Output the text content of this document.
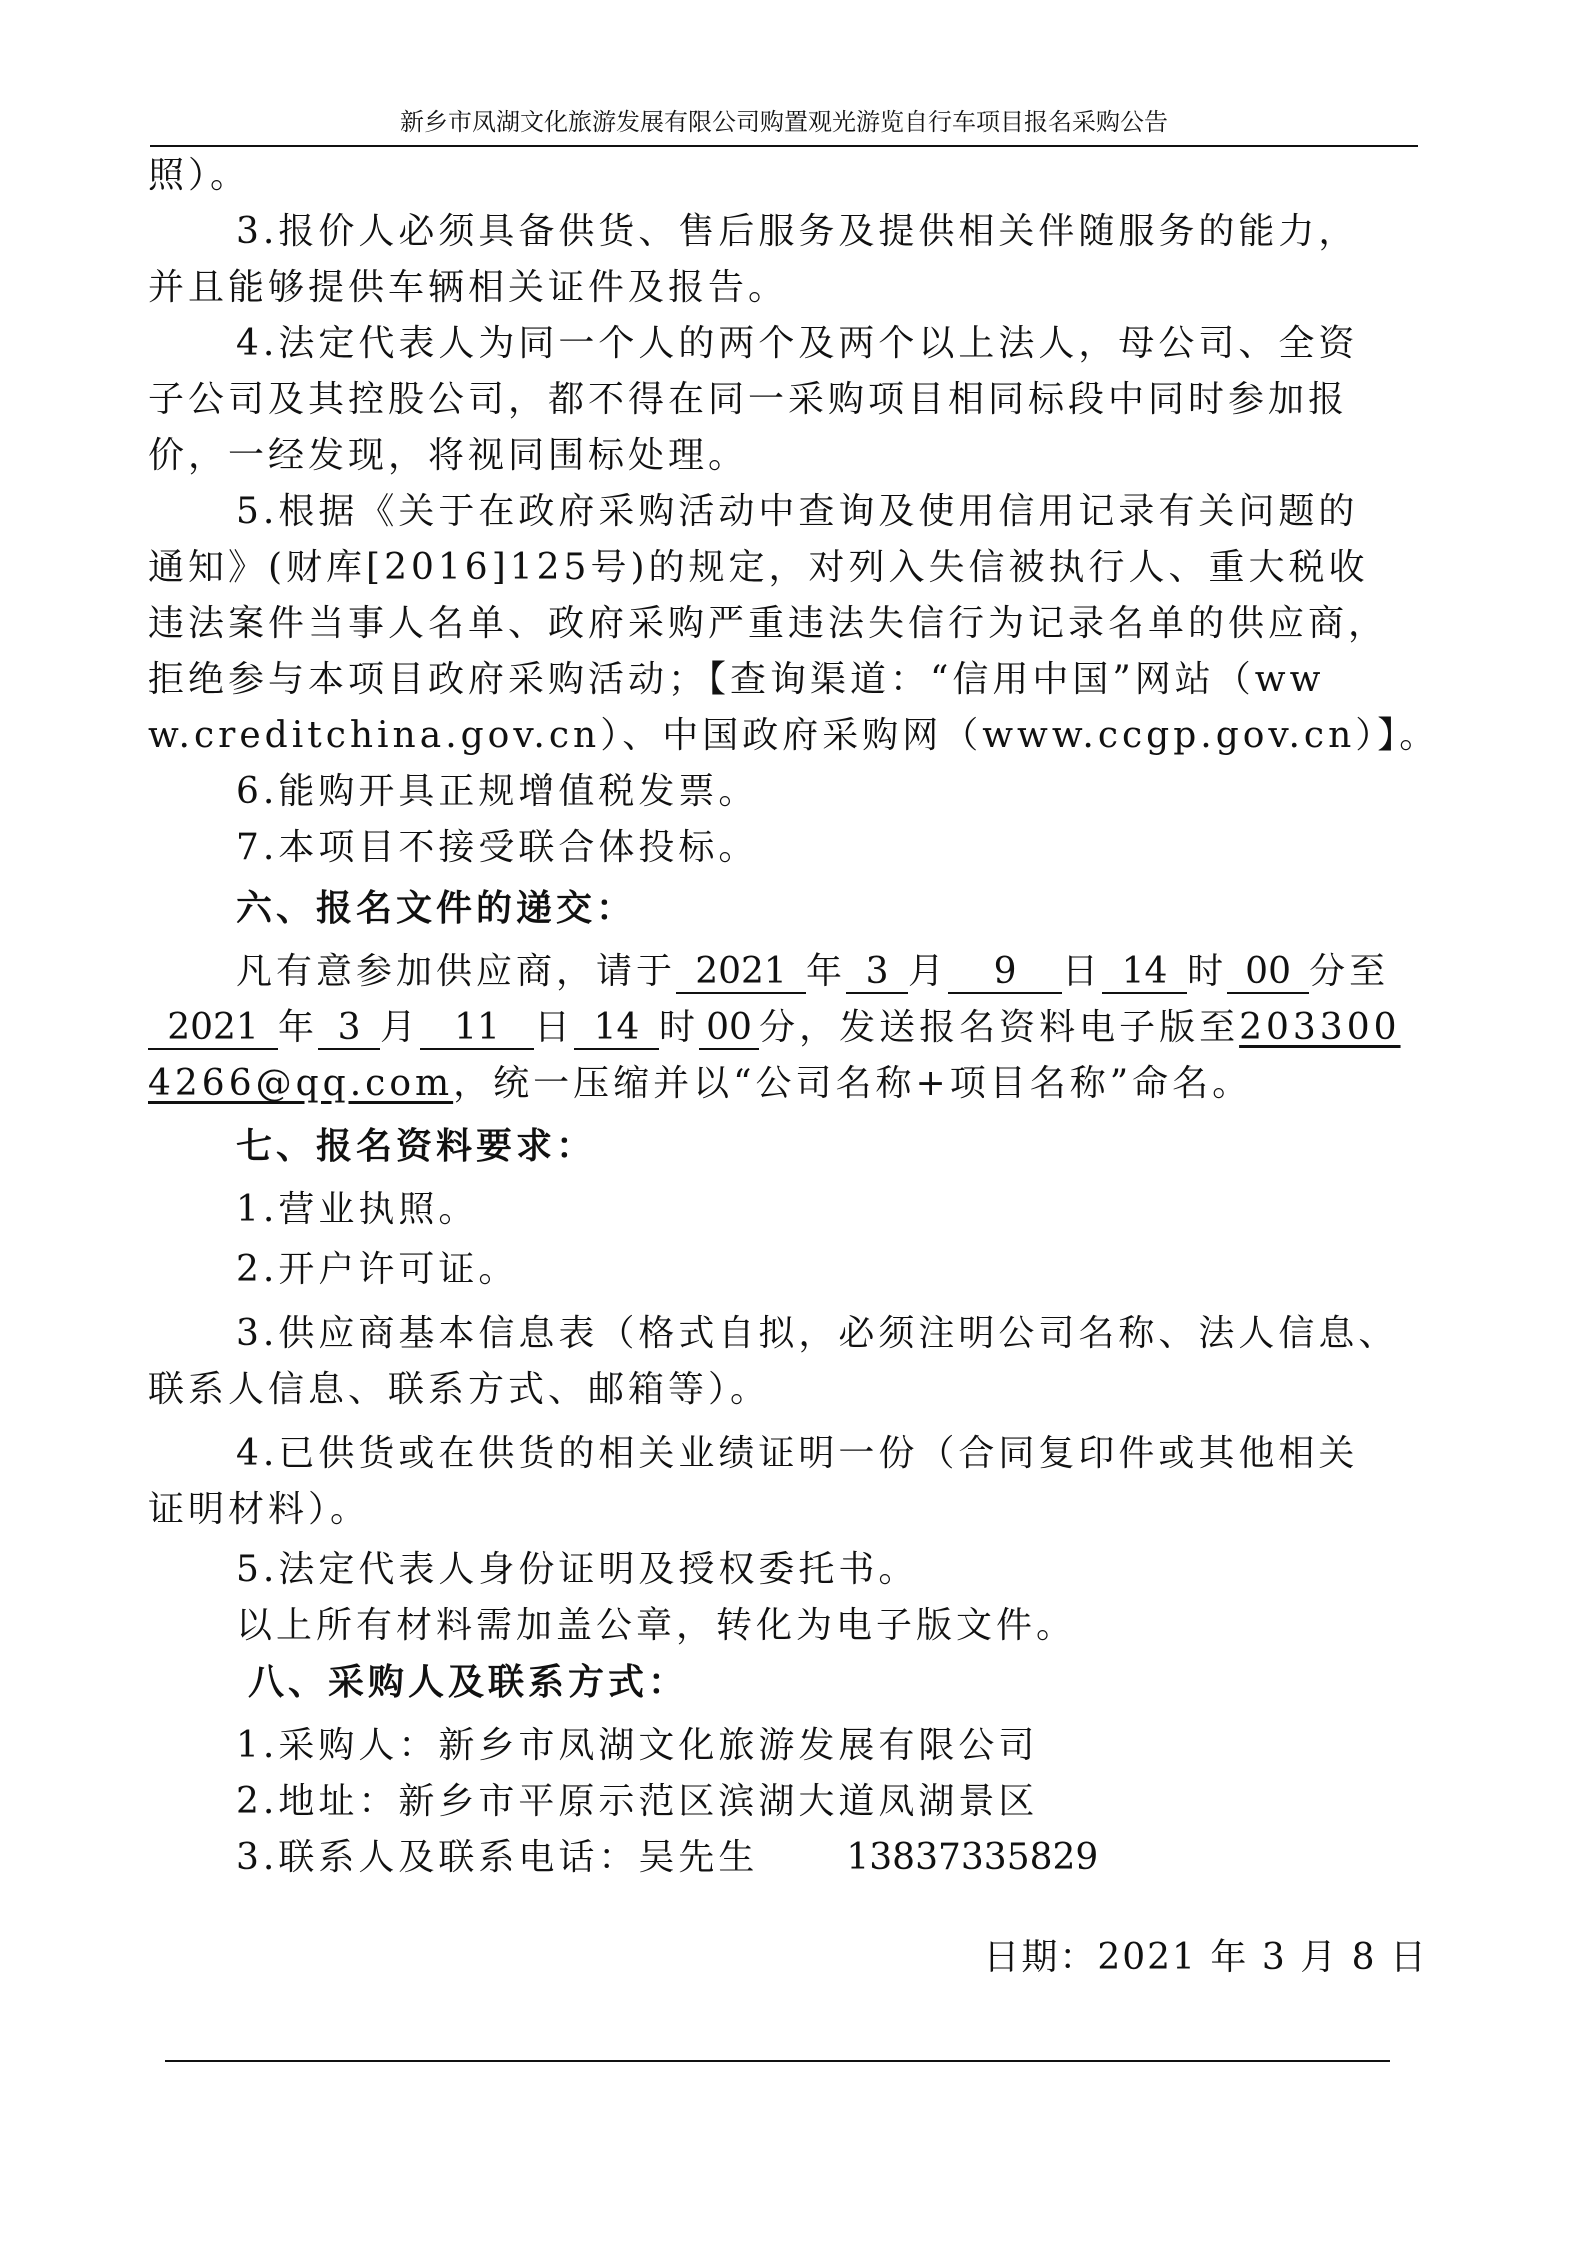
新乡市凤湖文化旅游发展有限公司购置观光游览自行车项目报名采购公告
照）。
3.报价人必须具备供货、售后服务及提供相关伴随服务的能力，
并且能够提供车辆相关证件及报告。
4.法定代表人为同一个人的两个及两个以上法人，母公司、全资
子公司及其控股公司，都不得在同一采购项目相同标段中同时参加报
价，一经发现，将视同围标处理。
5.根据《关于在政府采购活动中查询及使用信用记录有关问题的
通知》(财库[2016]125号)的规定，对列入失信被执行人、重大税收
违法案件当事人名单、政府采购严重违法失信行为记录名单的供应商，
拒绝参与本项目政府采购活动；【查询渠道：“信用中国”网站（ww
w.creditchina.gov.cn）、中国政府采购网（www.ccgp.gov.cn）】。
6.能购开具正规增值税发票。
7.本项目不接受联合体投标。
六、报名文件的递交：
凡有意参加供应商，请于 2021 年 3 月 9 日 14 时 00 分至
2021 年 3 月 11 日 14 时 00 分，发送报名资料电子版至203300
4266@qq.com，统一压缩并以“公司名称+项目名称”命名。
七、报名资料要求：
1.营业执照。
2.开户许可证。
3.供应商基本信息表（格式自拟，必须注明公司名称、法人信息、
联系人信息、联系方式、邮箱等）。
4.已供货或在供货的相关业绩证明一份（合同复印件或其他相关
证明材料）。
5.法定代表人身份证明及授权委托书。
以上所有材料需加盖公章，转化为电子版文件。
八、采购人及联系方式：
1.采购人：新乡市凤湖文化旅游发展有限公司
2.地址：新乡市平原示范区滨湖大道凤湖景区
3.联系人及联系电话：吴先生 13837335829
日期：2021 年 3 月 8 日
